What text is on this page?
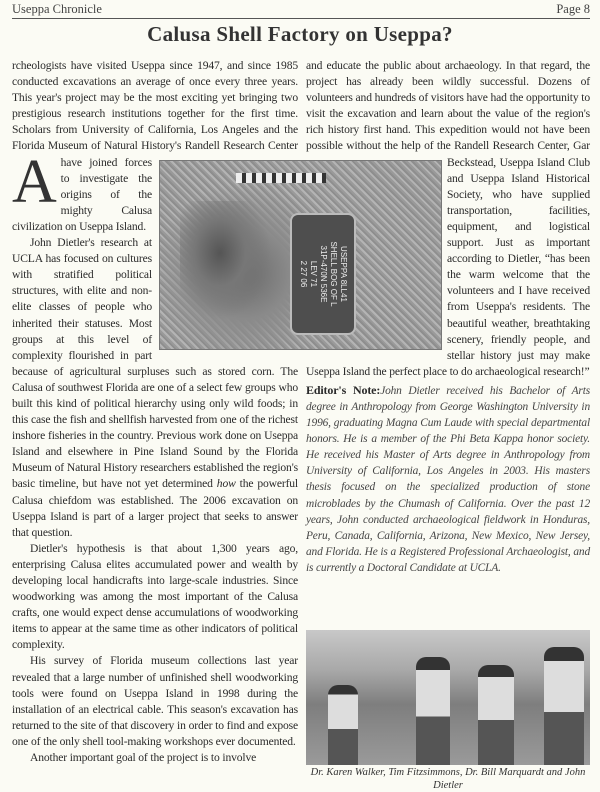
Useppa Chronicle	Page 8
Calusa Shell Factory on Useppa?

A
rcheologists have visited Useppa since 1947, and since 1985 conducted excavations an average of once every three years. This year's project may be the most exciting yet bringing two prestigious research institutions together for the first time. Scholars from University of California, Los Angeles and the Florida Museum of Natural History's Randell Research Center have joined forces to investigate the origins of the mighty Calusa civilization on Useppa Island.

John Dietler's research at UCLA has focused on cultures with stratified political structures, with elite and non-elite classes of people who inherited their statuses. Most groups at this level of complexity flourished in part because of agricultural surpluses such as stored corn. The Calusa of southwest Florida are one of a select few groups who built this kind of political hierarchy using only wild foods; in this case the fish and shellfish harvested from one of the richest inshore fisheries in the country. Previous work done on Useppa Island and elsewhere in Pine Island Sound by the Florida Museum of Natural History researchers established the region's basic timeline, but have not yet determined how the powerful Calusa chiefdom was established. The 2006 excavation on Useppa Island is part of a larger project that seeks to answer that question.

Dietler's hypothesis is that about 1,300 years ago, enterprising Calusa elites accumulated power and wealth by developing local handicrafts into large-scale industries. Since woodworking was among the most important of the Calusa crafts, one would expect dense accumulations of woodworking items to appear at the same time as other indicators of political complexity.

His survey of Florida museum collections last year revealed that a large number of unfinished shell woodworking tools were found on Useppa Island in 1998 during the installation of an electrical cable. This season's excavation has returned to the site of that discovery in order to find and expose one of the only shell tool-making workshops ever documented.

Another important goal of the project is to involve

and educate the public about archaeology. In that regard, the project has already been wildly successful. Dozens of volunteers and hundreds of visitors have had the opportunity to visit the excavation and learn about the value of the region's rich history first hand. This expedition would not have been possible without the help of the Randell Research Center, Gar Beckstead, Useppa Island Club and Useppa Island Historical Society, who have supplied transportation, facilities, equipment, and logistical support. Just as important according to Dietler, “has been the warm welcome that the volunteers and I have received from Useppa's residents. The beautiful weather, breathtaking scenery, friendly people, and stellar history just may make Useppa Island the perfect place to do archaeological research!”

Editor's Note:John Dietler received his Bachelor of Arts degree in Anthropology from George Washington University in 1996, graduating Magna Cum Laude with special departmental honors. He is a member of the Phi Beta Kappa honor society. He received his Master of Arts degree in Anthropology from University of California, Los Angeles in 2003. His masters thesis focused on the specialized production of stone microblades by the Chumash of California. Over the past 12 years, John conducted archaeological fieldwork in Honduras, Peru, Canada, California, Arizona, New Mexico, New Jersey, and Florida. He is a Registered Professional Archaeologist, and is currently a Doctoral Candidate at UCLA.

USEPPA 8LL41
SHELL BOG OF L
31P-470N 536E
LEV 71
2 27 06
Dr. Karen Walker, Tim Fitzsimmons, Dr. Bill Marquardt and John Dietler
